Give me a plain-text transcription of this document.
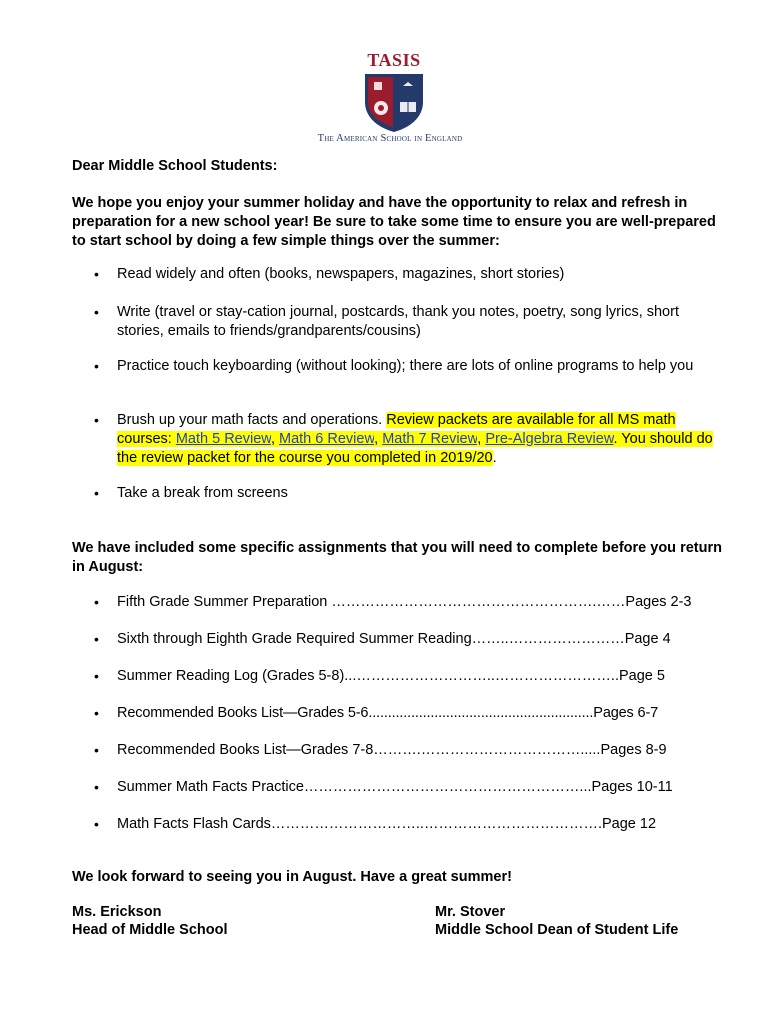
TASIS
The American School in England
Dear Middle School Students:
We hope you enjoy your summer holiday and have the opportunity to relax and refresh in preparation for a new school year! Be sure to take some time to ensure you are well-prepared to start school by doing a few simple things over the summer:
• Read widely and often (books, newspapers, magazines, short stories)
• Write (travel or stay-cation journal, postcards, thank you notes, poetry, song lyrics, short stories, emails to friends/grandparents/cousins)
• Practice touch keyboarding (without looking); there are lots of online programs to help you
• Brush up your math facts and operations. Review packets are available for all MS math courses: Math 5 Review, Math 6 Review, Math 7 Review, Pre-Algebra Review. You should do the review packet for the course you completed in 2019/20.
• Take a break from screens
We have included some specific assignments that you will need to complete before you return in August:
• Fifth Grade Summer Preparation ……………………………………………….……Pages 2-3
• Sixth through Eighth Grade Required Summer Reading……..……………………Page 4
• Summer Reading Log (Grades 5-8)...………………………..……………………..Page 5
• Recommended Books List—Grades 5-6..........................................................Pages 6-7
• Recommended Books List—Grades 7-8……….…………………………….....Pages 8-9
• Summer Math Facts Practice…………………………………………………...Pages 10-11
• Math Facts Flash Cards…………………………..……………………………….Page 12
We look forward to seeing you in August. Have a great summer!
Ms. Erickson
Head of Middle School
Mr. Stover
Middle School Dean of Student Life
